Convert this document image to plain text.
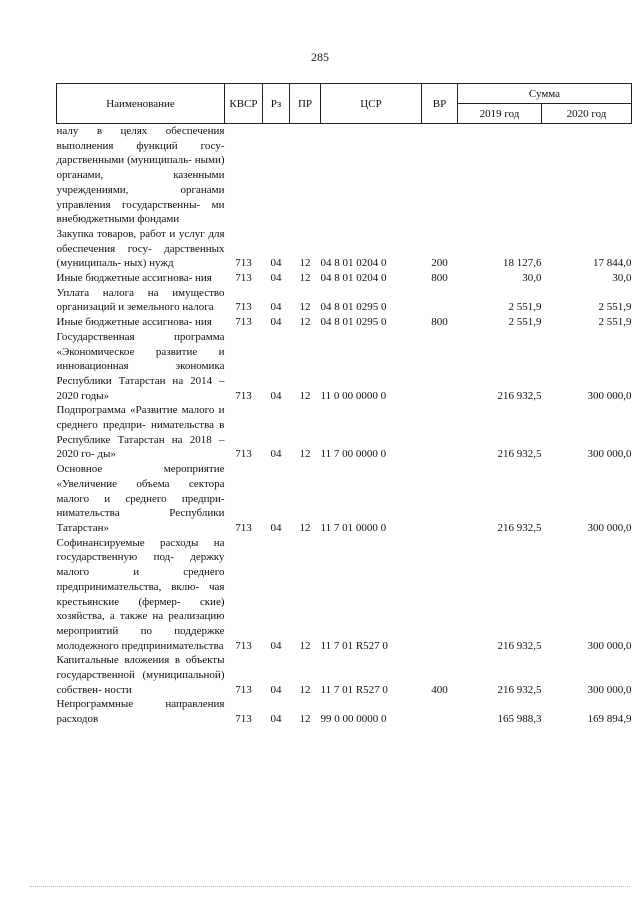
285
Наименование	КВСР	Рз	ПР	ЦСР	ВР	Сумма	
						2019 год	2020 год
налу в целях обеспечения выполнения функций госу- дарственными (муниципаль- ными) органами, казенными учреждениями, органами управления государственны- ми внебюджетными фондами							
Закупка товаров, работ и услуг для обеспечения госу- дарственных (муниципаль- ных) нужд	713	04	12	04 8 01 0204 0	200	18 127,6	17 844,0
Иные бюджетные ассигнова- ния	713	04	12	04 8 01 0204 0	800	30,0	30,0
Уплата налога на имущество организаций и земельного налога	713	04	12	04 8 01 0295 0		2 551,9	2 551,9
Иные бюджетные ассигнова- ния	713	04	12	04 8 01 0295 0	800	2 551,9	2 551,9
Государственная программа «Экономическое развитие и инновационная экономика Республики Татарстан на 2014 – 2020 годы»	713	04	12	11 0 00 0000 0		216 932,5	300 000,0
Подпрограмма «Развитие малого и среднего предпри- нимательства в Республике Татарстан на 2018 – 2020 го- ды»	713	04	12	11 7 00 0000 0		216 932,5	300 000,0
Основное мероприятие «Увеличение объема сектора малого и среднего предпри- нимательства Республики Татарстан»	713	04	12	11 7 01 0000 0		216 932,5	300 000,0
Софинансируемые расходы на государственную под- держку малого и среднего предпринимательства, вклю- чая крестьянские (фермер- ские) хозяйства, а также на реализацию мероприятий по поддержке молодежного предпринимательства	713	04	12	11 7 01 R527 0		216 932,5	300 000,0
Капитальные вложения в объекты государственной (муниципальной) собствен- ности	713	04	12	11 7 01 R527 0	400	216 932,5	300 000,0
Непрограммные направления расходов	713	04	12	99 0 00 0000 0		165 988,3	169 894,9
